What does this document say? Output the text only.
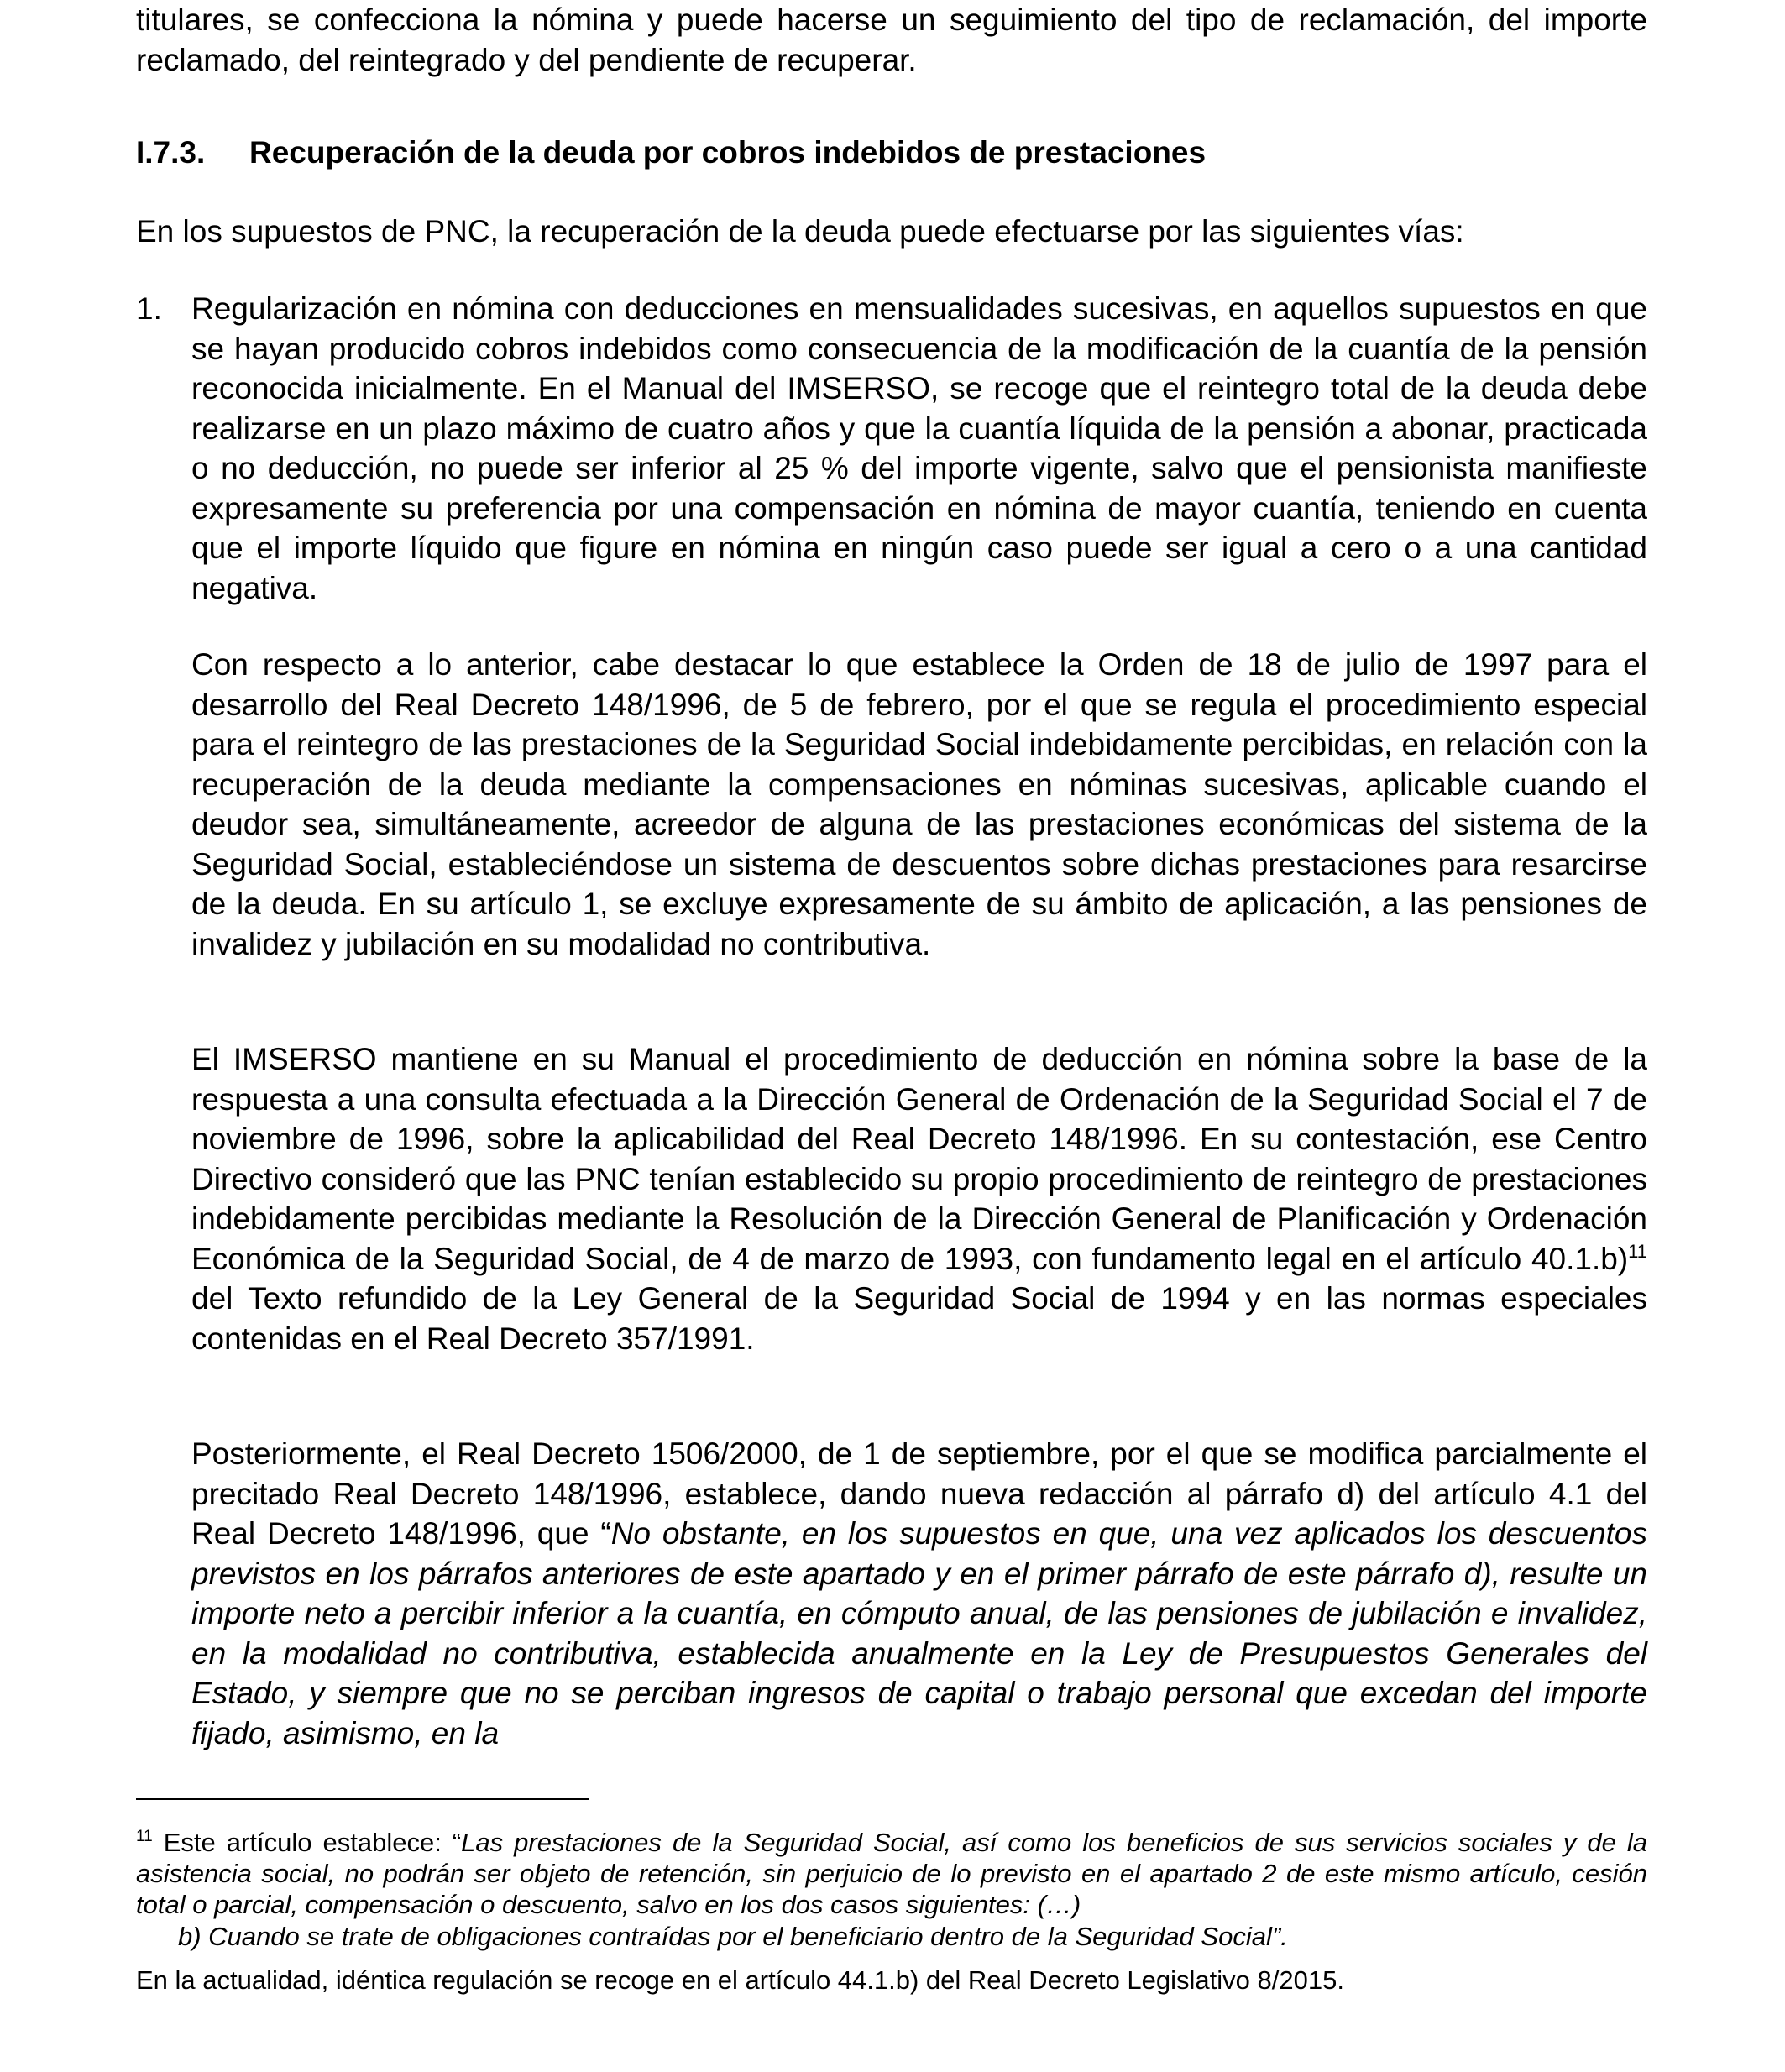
titulares, se confecciona la nómina y puede hacerse un seguimiento del tipo de reclamación, del importe reclamado, del reintegrado y del pendiente de recuperar.

I.7.3. Recuperación de la deuda por cobros indebidos de prestaciones

En los supuestos de PNC, la recuperación de la deuda puede efectuarse por las siguientes vías:

1. Regularización en nómina con deducciones en mensualidades sucesivas, en aquellos supuestos en que se hayan producido cobros indebidos como consecuencia de la modificación de la cuantía de la pensión reconocida inicialmente. En el Manual del IMSERSO, se recoge que el reintegro total de la deuda debe realizarse en un plazo máximo de cuatro años y que la cuantía líquida de la pensión a abonar, practicada o no deducción, no puede ser inferior al 25 % del importe vigente, salvo que el pensionista manifieste expresamente su preferencia por una compensación en nómina de mayor cuantía, teniendo en cuenta que el importe líquido que figure en nómina en ningún caso puede ser igual a cero o a una cantidad negativa.

Con respecto a lo anterior, cabe destacar lo que establece la Orden de 18 de julio de 1997 para el desarrollo del Real Decreto 148/1996, de 5 de febrero, por el que se regula el procedimiento especial para el reintegro de las prestaciones de la Seguridad Social indebidamente percibidas, en relación con la recuperación de la deuda mediante la compensaciones en nóminas sucesivas, aplicable cuando el deudor sea, simultáneamente, acreedor de alguna de las prestaciones económicas del sistema de la Seguridad Social, estableciéndose un sistema de descuentos sobre dichas prestaciones para resarcirse de la deuda. En su artículo 1, se excluye expresamente de su ámbito de aplicación, a las pensiones de invalidez y jubilación en su modalidad no contributiva.

El IMSERSO mantiene en su Manual el procedimiento de deducción en nómina sobre la base de la respuesta a una consulta efectuada a la Dirección General de Ordenación de la Seguridad Social el 7 de noviembre de 1996, sobre la aplicabilidad del Real Decreto 148/1996. En su contestación, ese Centro Directivo consideró que las PNC tenían establecido su propio procedimiento de reintegro de prestaciones indebidamente percibidas mediante la Resolución de la Dirección General de Planificación y Ordenación Económica de la Seguridad Social, de 4 de marzo de 1993, con fundamento legal en el artículo 40.1.b)$^{11}$ del Texto refundido de la Ley General de la Seguridad Social de 1994 y en las normas especiales contenidas en el Real Decreto 357/1991.

Posteriormente, el Real Decreto 1506/2000, de 1 de septiembre, por el que se modifica parcialmente el precitado Real Decreto 148/1996, establece, dando nueva redacción al párrafo d) del artículo 4.1 del Real Decreto 148/1996, que “No obstante, en los supuestos en que, una vez aplicados los descuentos previstos en los párrafos anteriores de este apartado y en el primer párrafo de este párrafo d), resulte un importe neto a percibir inferior a la cuantía, en cómputo anual, de las pensiones de jubilación e invalidez, en la modalidad no contributiva, establecida anualmente en la Ley de Presupuestos Generales del Estado, y siempre que no se perciban ingresos de capital o trabajo personal que excedan del importe fijado, asimismo, en la

$^{11}$ Este artículo establece: “Las prestaciones de la Seguridad Social, así como los beneficios de sus servicios sociales y de la asistencia social, no podrán ser objeto de retención, sin perjuicio de lo previsto en el apartado 2 de este mismo artículo, cesión total o parcial, compensación o descuento, salvo en los dos casos siguientes: (…)

b) Cuando se trate de obligaciones contraídas por el beneficiario dentro de la Seguridad Social”.

En la actualidad, idéntica regulación se recoge en el artículo 44.1.b) del Real Decreto Legislativo 8/2015.
